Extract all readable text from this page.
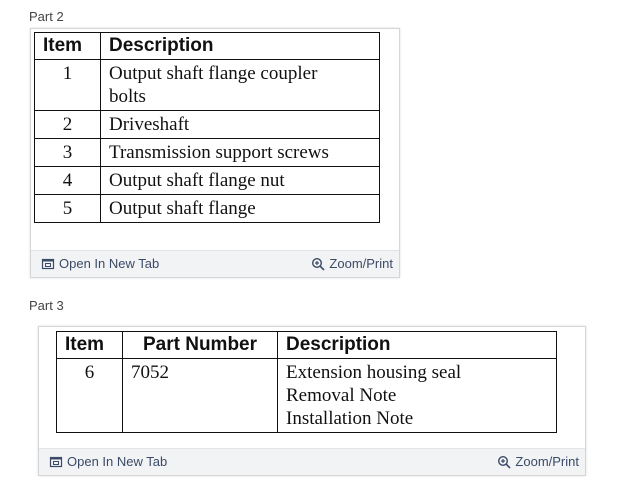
Part 2
Item	Description
1	Output shaft flange coupler bolts
2	Driveshaft
3	Transmission support screws
4	Output shaft flange nut
5	Output shaft flange
Open In New Tab	Zoom/Print
Part 3
Item	Part Number	Description
6	7052	Extension housing seal
Removal Note
Installation Note
Open In New Tab	Zoom/Print
